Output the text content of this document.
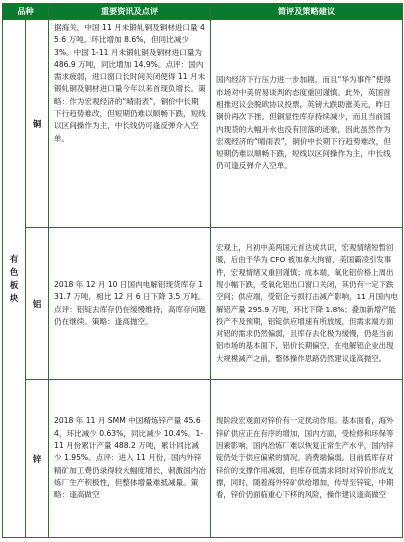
品种		重要资讯及点评	简评及策略建议

有色板块	铜	据海关，中国 11 月未锻轧铜及铜材进口量 45.6 万吨，环比增加 8.6%，但同比减少 3%。中国 1-11 月未锻轧铜及铜材进口量为 486.9 万吨，同比增加 14.9%。点评：国内需求疲弱，进口窗口长时间关闭使得 11 月未锻轧铜及铜材进口量今年以来首现负增长。策略：作为宏观经济的“晴雨表”，铜价中长期下行趋势难改，但短期仍难以顺畅下跌，短线以区间操作为主，中长线仍可逢反弹介入空单。	国内经济下行压力进一步加剧，而且“华为事件”使得市场对中美贸易谈判的态度重回谨慎。此外，英国首相推迟议会脱欧协议投票，英镑大跌助涨美元，昨日铜价再次下挫。但铜显性库存持续减少，而且当前国内现货的大幅升水也没有回落的迹象，因此虽然作为宏观经济的“晴雨表”，铜价中长期下行趋势难改，但短期仍难以顺畅下跌，短线以区间操作为主，中长线仍可逢反弹介入空单。
	铝	2018 年 12 月 10 日国内电解铝现货库存 131.7 万吨，相比 12 月 6 日下降 3.5 万吨。点评：铝锭去库存仍在缓慢维持，高库存问题仍在继续。策略：逢高抛空。	宏观上，月初中美两国元首达成共识，宏观情绪短暂回暖，后由于华为 CFO 被加拿大拘留，美国霸凌引发事件，宏观情绪又重回谨慎；成本端，氧化铝价格上周出现小幅下跌，受氧化铝出口窗口关闭，其仍有一定下跌空间；供应端，受铝企亏损打击减产影响，11 月国内电解铝产量 295.9 万吨，环比下降 1.8%；叠加新增产能投产不及预期，铝锭供应增速有所放缓，但需求端方面对铝的需求仍然偏弱，且库存去化极为缓慢，仍是当前铝市场的基本面下，铝价长期偏空，在电解铝企业出现大规模减产之前，整体操作思路仍然建议逢高抛空。
	锌	2018 年 11 月 SMM 中国精炼锌产量 45.64，环比减少 0.63%，同比减少 10.4%。1-11 月份累计产量 488.2 万吨，累计同比减少 1.95%。点评：进入 11 月份，国内外锌精矿加工费仍录得较大幅度增长，刺激国内冶炼厂生产积极性，但整体增量难抵减量。策略：逢高做空	现阶段宏观面对锌价有一定扰动作用。基本面看，海外锌矿供应正在有序的增加，国内方面，受检修和环保等因素影响，国内冶炼厂难以恢复正常生产水平，国内锌锭仍处于供应偏紧的情况。消费端偏弱。目前低库存对锌价的支撑作用减弱，但库存低需求同时对锌价形成支撑，同时，随着海外锌矿供给增加，传导至锌锭，中期看，锌价仍面临重心下移的风险，操作建议逢高做空
